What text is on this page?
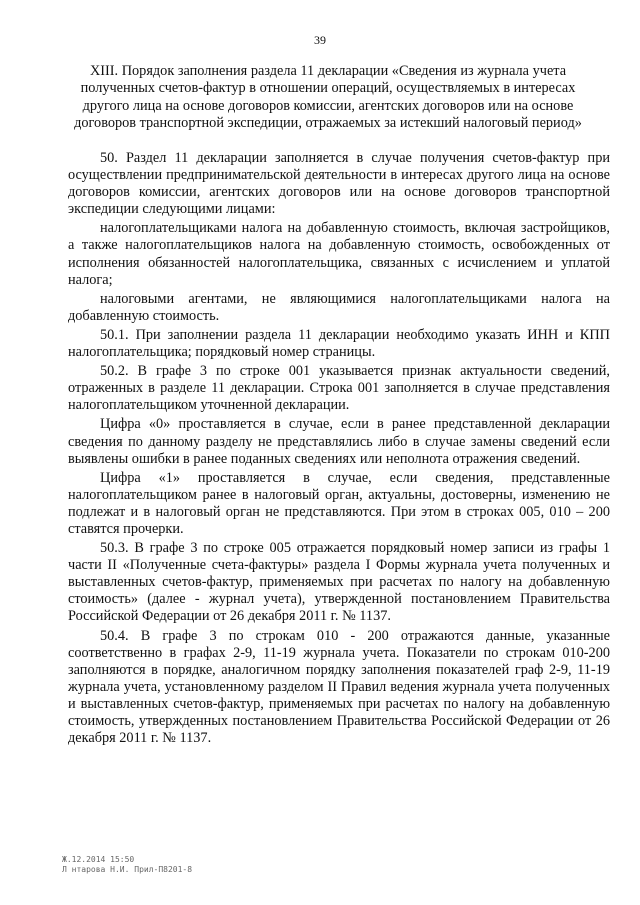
39
XIII. Порядок заполнения раздела 11 декларации «Сведения из журнала учета полученных счетов-фактур в отношении операций, осуществляемых в интересах другого лица на основе договоров комиссии, агентских договоров или на основе договоров транспортной экспедиции, отражаемых за истекший налоговый период»

50. Раздел 11 декларации заполняется в случае получения счетов-фактур при осуществлении предпринимательской деятельности в интересах другого лица на основе договоров комиссии, агентских договоров или на основе договоров транспортной экспедиции следующими лицами:

налогоплательщиками налога на добавленную стоимость, включая застройщиков, а также налогоплательщиков налога на добавленную стоимость, освобожденных от исполнения обязанностей налогоплательщика, связанных с исчислением и уплатой налога;

налоговыми агентами, не являющимися налогоплательщиками налога на добавленную стоимость.

50.1. При заполнении раздела 11 декларации необходимо указать ИНН и КПП налогоплательщика; порядковый номер страницы.

50.2. В графе 3 по строке 001 указывается признак актуальности сведений, отраженных в разделе 11 декларации. Строка 001 заполняется в случае представления налогоплательщиком уточненной декларации.

Цифра «0» проставляется в случае, если в ранее представленной декларации сведения по данному разделу не представлялись либо в случае замены сведений если выявлены ошибки в ранее поданных сведениях или неполнота отражения сведений.

Цифра «1» проставляется в случае, если сведения, представленные налогоплательщиком ранее в налоговый орган, актуальны, достоверны, изменению не подлежат и в налоговый орган не представляются. При этом в строках 005, 010 – 200 ставятся прочерки.

50.3. В графе 3 по строке 005 отражается порядковый номер записи из графы 1 части II «Полученные счета-фактуры» раздела I Формы журнала учета полученных и выставленных счетов-фактур, применяемых при расчетах по налогу на добавленную стоимость» (далее - журнал учета), утвержденной постановлением Правительства Российской Федерации от 26 декабря 2011 г. № 1137.

50.4. В графе 3 по строкам 010 - 200 отражаются данные, указанные соответственно в графах 2-9, 11-19 журнала учета. Показатели по строкам 010-200 заполняются в порядке, аналогичном порядку заполнения показателей граф 2-9, 11-19 журнала учета, установленному разделом II Правил ведения журнала учета полученных и выставленных счетов-фактур, применяемых при расчетах по налогу на добавленную стоимость, утвержденных постановлением Правительства Российской Федерации от 26 декабря 2011 г. № 1137.

Ж.12.2014 15:50
Л нтарова Н.И. Прил-П8201-8
